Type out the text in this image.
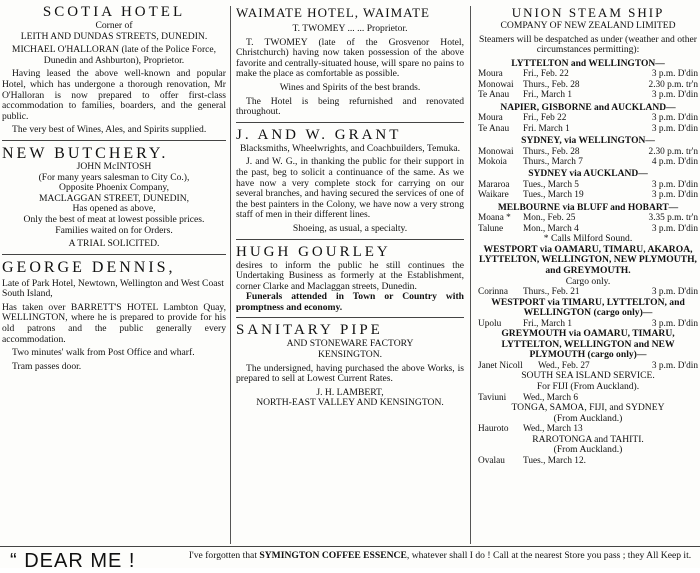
SCOTIA HOTEL
Corner of
LEITH AND DUNDAS STREETS, DUNEDIN.
MICHAEL O'HALLORAN (late of the Police Force, Dunedin and Ashburton), Proprietor.
Having leased the above well-known and popular Hotel, which has undergone a thorough renovation, Mr O'Halloran is now prepared to offer first-class accommodation to families, boarders, and the general public.
The very best of Wines, Ales, and Spirits supplied.
NEW BUTCHERY.
JOHN McINTOSH
(For many years salesman to City Co.),
Opposite Phoenix Company,
MACLAGGAN STREET, DUNEDIN,
Has opened as above,
Only the best of meat at lowest possible prices.
Families waited on for Orders.
A TRIAL SOLICITED.
GEORGE DENNIS,
Late of Park Hotel, Newtown, Wellington and West Coast South Island,
Has taken over BARRETT'S HOTEL Lambton Quay, WELLINGTON, where he is prepared to provide for his old patrons and the public generally every accommodation.
Two minutes' walk from Post Office and wharf.
Tram passes door.
WAIMATE HOTEL, WAIMATE
T. TWOMEY ... ... Proprietor.
T. TWOMEY (late of the Grosvenor Hotel, Christchurch) having now taken possession of the above favorite and centrally-situated house, will spare no pains to make the place as comfortable as possible.
Wines and Spirits of the best brands.
The Hotel is being refurnished and renovated throughout.
J. AND W. GRANT
Blacksmiths, Wheelwrights, and Coachbuilders, Temuka.
J. and W. G., in thanking the public for their support in the past, beg to solicit a continuance of the same. As we have now a very complete stock for carrying on our several branches, and having secured the services of one of the best painters in the Colony, we have now a very strong staff of men in their different lines.
Shoeing, as usual, a specialty.
HUGH GOURLEY
desires to inform the public he still continues the Undertaking Business as formerly at the Establishment, corner Clarke and Maclaggan streets, Dunedin.
Funerals attended in Town or Country with promptness and economy.
SANITARY PIPE
AND STONEWARE FACTORY
KENSINGTON.
The undersigned, having purchased the above Works, is prepared to sell at Lowest Current Rates.
J. H. LAMBERT,
NORTH-EAST VALLEY AND KENSINGTON.
UNION STEAM SHIP
COMPANY OF NEW ZEALAND LIMITED
Steamers will be despatched as under (weather and other circumstances permitting):
LYTTELTON and WELLINGTON—
Moura	Fri., Feb. 22	3 p.m. D'din
Monowai	Thurs., Feb. 28	2.30 p.m. tr'n
Te Anau	Fri., March 1	3 p.m. D'din
NAPIER, GISBORNE and AUCKLAND—
Moura	Fri., Feb 22	3 p.m. D'din
Te Anau	Fri. March 1	3 p.m. D'din
SYDNEY, via WELLINGTON—
Monowai	Thurs., Feb. 28	2.30 p.m. tr'n
Mokoia	Thurs., March 7	4 p.m. D'din
SYDNEY via AUCKLAND—
Mararoa	Tues., March 5	3 p.m. D'din
Waikare	Tues., March 19	3 p.m. D'din
MELBOURNE via BLUFF and HOBART—
Moana *	Mon., Feb. 25	3.35 p.m. tr'n
Talune	Mon., March 4	3 p.m. D'din
* Calls Milford Sound.
WESTPORT via OAMARU, TIMARU, AKAROA, LYTTELTON, WELLINGTON, NEW PLYMOUTH, and GREYMOUTH.
Cargo only.
Corinna	Thurs., Feb. 21	3 p.m. D'din
WESTPORT via TIMARU, LYTTELTON, and WELLINGTON (cargo only)—
Upolu	Fri., March 1	3 p.m. D'din
GREYMOUTH via OAMARU, TIMARU, LYTTELTON, WELLINGTON and NEW PLYMOUTH (cargo only)—
Janet Nicoll	Wed., Feb. 27	3 p.m. D'din
SOUTH SEA ISLAND SERVICE.
For FIJI (From Auckland).
Taviuni	Wed., March 6
TONGA, SAMOA, FIJI, and SYDNEY
(From Auckland.)
Hauroto	Wed., March 13
RAROTONGA and TAHITI.
(From Auckland.)
Ovalau	Tues., March 12.
“ DEAR ME !	I've forgotten that SYMINGTON COFFEE ESSENCE, whatever shall I do ! Call at the nearest Store you pass ; they All Keep it.
